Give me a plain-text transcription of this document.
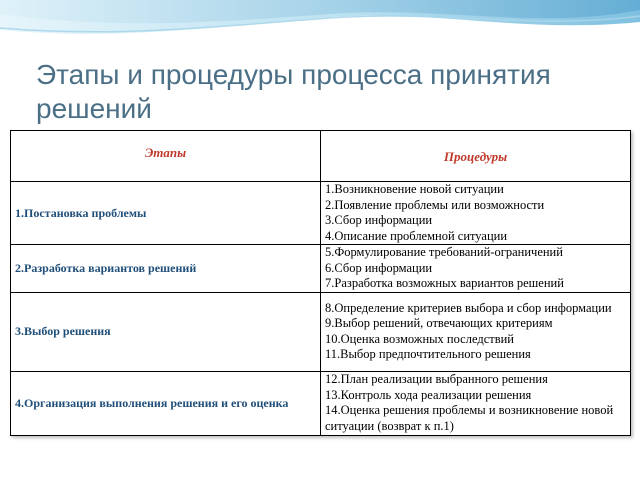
Этапы и процедуры процесса принятия решений
Этапы	Процедуры
1.Постановка проблемы	1.Возникновение новой ситуации
2.Появление проблемы или возможности
3.Сбор информации
4.Описание проблемной ситуации

2.Разработка вариантов решений	5.Формулирование требований-ограничений
6.Сбор информации
7.Разработка возможных вариантов решений

3.Выбор решения	8.Определение критериев выбора и сбор информации
9.Выбор решений, отвечающих критериям
10.Оценка возможных последствий
11.Выбор предпочтительного решения

4.Организация выполнения решения и его оценка	12.План реализации выбранного решения
13.Контроль хода реализации решения
14.Оценка решения проблемы и возникновение новой ситуации (возврат к п.1)
